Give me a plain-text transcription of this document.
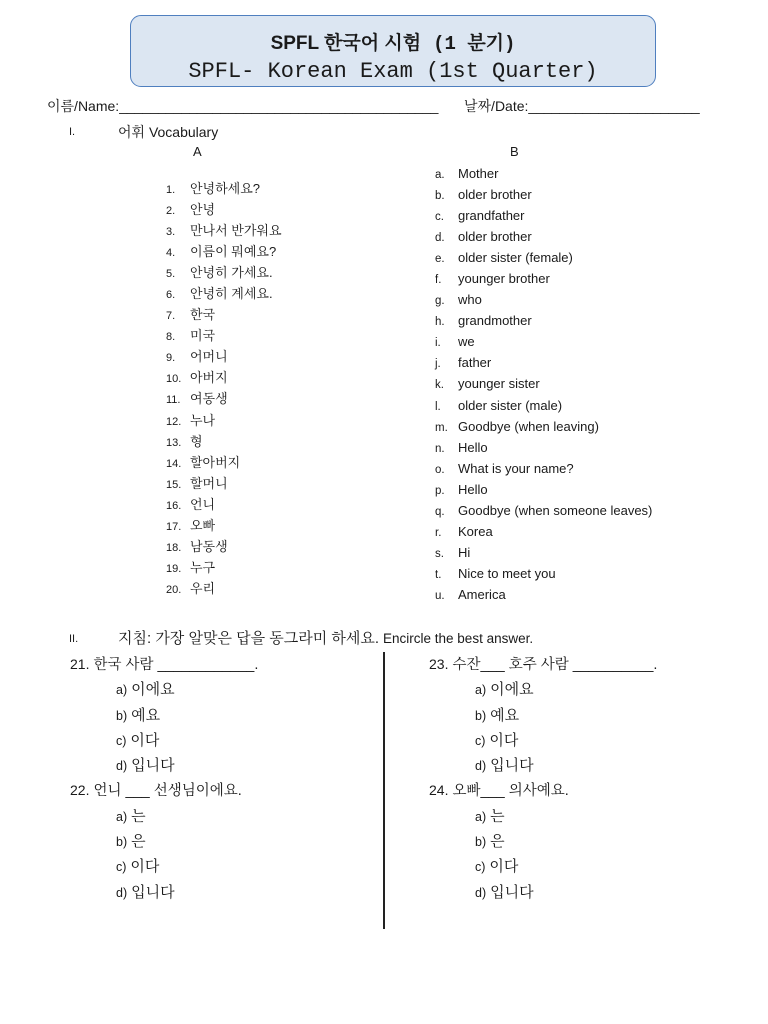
SPFL 한국어 시험 (1 분기)
SPFL- Korean Exam (1st Quarter)
이름/Name:_________________________________________ 날짜/Date:______________________
I.	어휘 Vocabulary
A	B
1. 안녕하세요?
2. 안녕
3. 만나서 반가워요
4. 이름이 뭐예요?
5. 안녕히 가세요.
6. 안녕히 계세요.
7. 한국
8. 미국
9. 어머니
10. 아버지
11. 여동생
12. 누나
13. 형
14. 할아버지
15. 할머니
16. 언니
17. 오빠
18. 남동생
19. 누구
20. 우리
a. Mother
b. older brother
c. grandfather
d. older brother
e. older sister (female)
f. younger brother
g. who
h. grandmother
i. we
j. father
k. younger sister
l. older sister (male)
m. Goodbye (when leaving)
n. Hello
o. What is your name?
p. Hello
q. Goodbye (when someone leaves)
r. Korea
s. Hi
t. Nice to meet you
u. America
II.	지침: 가장 알맞은 답을 동그라미 하세요. Encircle the best answer.
21. 한국 사람 ____________.
a) 이에요
b) 예요
c) 이다
d) 입니다
22. 언니 ___ 선생님이에요.
a) 는
b) 은
c) 이다
d) 입니다
23. 수잔___ 호주 사람 __________.
a) 이에요
b) 예요
c) 이다
d) 입니다
24. 오빠___ 의사예요.
a) 는
b) 은
c) 이다
d) 입니다
